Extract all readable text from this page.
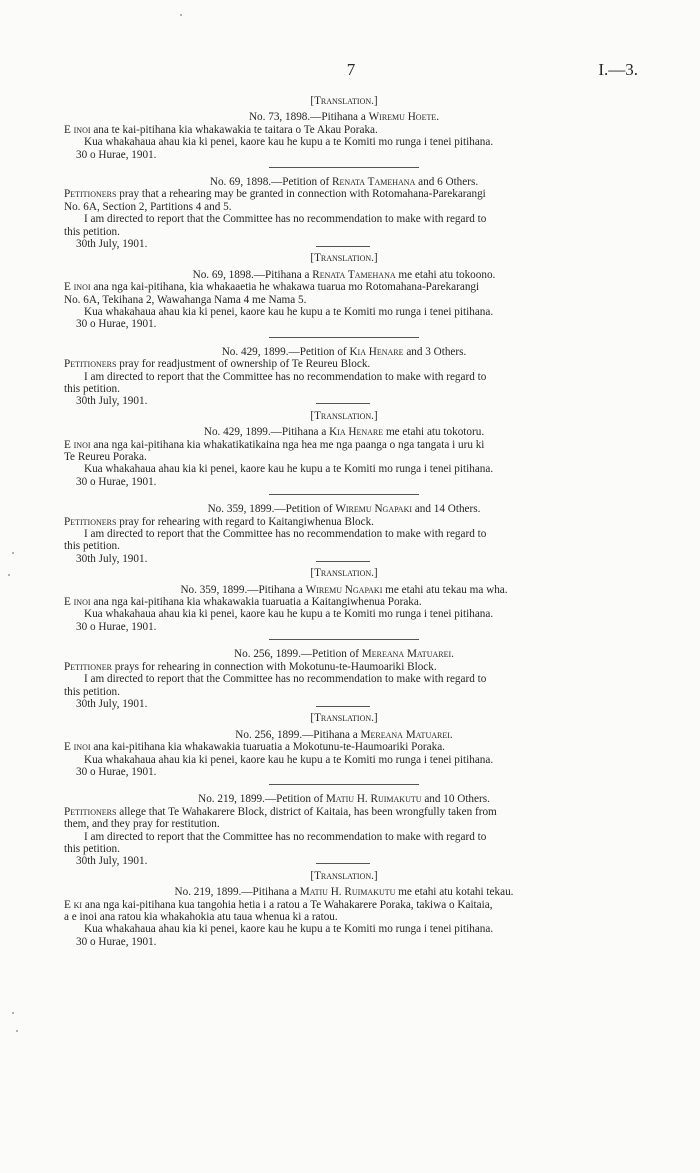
7	I.—3.
[Translation.]
No. 73, 1898.—Pitihana a Wiremu Hoete.

E inoi ana te kai-pitihana kia whakawakia te taitara o Te Akau Poraka.

Kua whakahaua ahau kia ki penei, kaore kau he kupu a te Komiti mo runga i tenei pitihana.

30 o Hurae, 1901.
No. 69, 1898.—Petition of Renata Tamehana and 6 Others.

Petitioners pray that a rehearing may be granted in connection with Rotomahana-Parekarangi

No. 6A, Section 2, Partitions 4 and 5.

I am directed to report that the Committee has no recommendation to make with regard to

this petition.
30th July, 1901.
[Translation.]
No. 69, 1898.—Pitihana a Renata Tamehana me etahi atu tokoono.

E inoi ana nga kai-pitihana, kia whakaaetia he whakawa tuarua mo Rotomahana-Parekarangi

No. 6A, Tekihana 2, Wawahanga Nama 4 me Nama 5.

Kua whakahaua ahau kia ki penei, kaore kau he kupu a te Komiti mo runga i tenei pitihana.

30 o Hurae, 1901.
No. 429, 1899.—Petition of Kia Henare and 3 Others.

Petitioners pray for readjustment of ownership of Te Reureu Block.

I am directed to report that the Committee has no recommendation to make with regard to

this petition.
30th July, 1901.
[Translation.]
No. 429, 1899.—Pitihana a Kia Henare me etahi atu tokotoru.

E inoi ana nga kai-pitihana kia whakatikatikaina nga hea me nga paanga o nga tangata i uru ki

Te Reureu Poraka.

Kua whakahaua ahau kia ki penei, kaore kau he kupu a te Komiti mo runga i tenei pitihana.

30 o Hurae, 1901.
No. 359, 1899.—Petition of Wiremu Ngapaki and 14 Others.

Petitioners pray for rehearing with regard to Kaitangiwhenua Block.

I am directed to report that the Committee has no recommendation to make with regard to

this petition.
30th July, 1901.
[Translation.]
No. 359, 1899.—Pitihana a Wiremu Ngapaki me etahi atu tekau ma wha.

E inoi ana nga kai-pitihana kia whakawakia tuaruatia a Kaitangiwhenua Poraka.

Kua whakahaua ahau kia ki penei, kaore kau he kupu a te Komiti mo runga i tenei pitihana.

30 o Hurae, 1901.
No. 256, 1899.—Petition of Mereana Matuarei.

Petitioner prays for rehearing in connection with Mokotunu-te-Haumoariki Block.

I am directed to report that the Committee has no recommendation to make with regard to

this petition.
30th July, 1901.
[Translation.]
No. 256, 1899.—Pitihana a Mereana Matuarei.

E inoi ana kai-pitihana kia whakawakia tuaruatia a Mokotunu-te-Haumoariki Poraka.

Kua whakahaua ahau kia ki penei, kaore kau he kupu a te Komiti mo runga i tenei pitihana.

30 o Hurae, 1901.
No. 219, 1899.—Petition of Matiu H. Ruimakutu and 10 Others.

Petitioners allege that Te Wahakarere Block, district of Kaitaia, has been wrongfully taken from

them, and they pray for restitution.

I am directed to report that the Committee has no recommendation to make with regard to

this petition.
30th July, 1901.
[Translation.]
No. 219, 1899.—Pitihana a Matiu H. Ruimakutu me etahi atu kotahi tekau.

E ki ana nga kai-pitihana kua tangohia hetia i a ratou a Te Wahakarere Poraka, takiwa o Kaitaia,

a e inoi ana ratou kia whakahokia atu taua whenua ki a ratou.

Kua whakahaua ahau kia ki penei, kaore kau he kupu a te Komiti mo runga i tenei pitihana.

30 o Hurae, 1901.
